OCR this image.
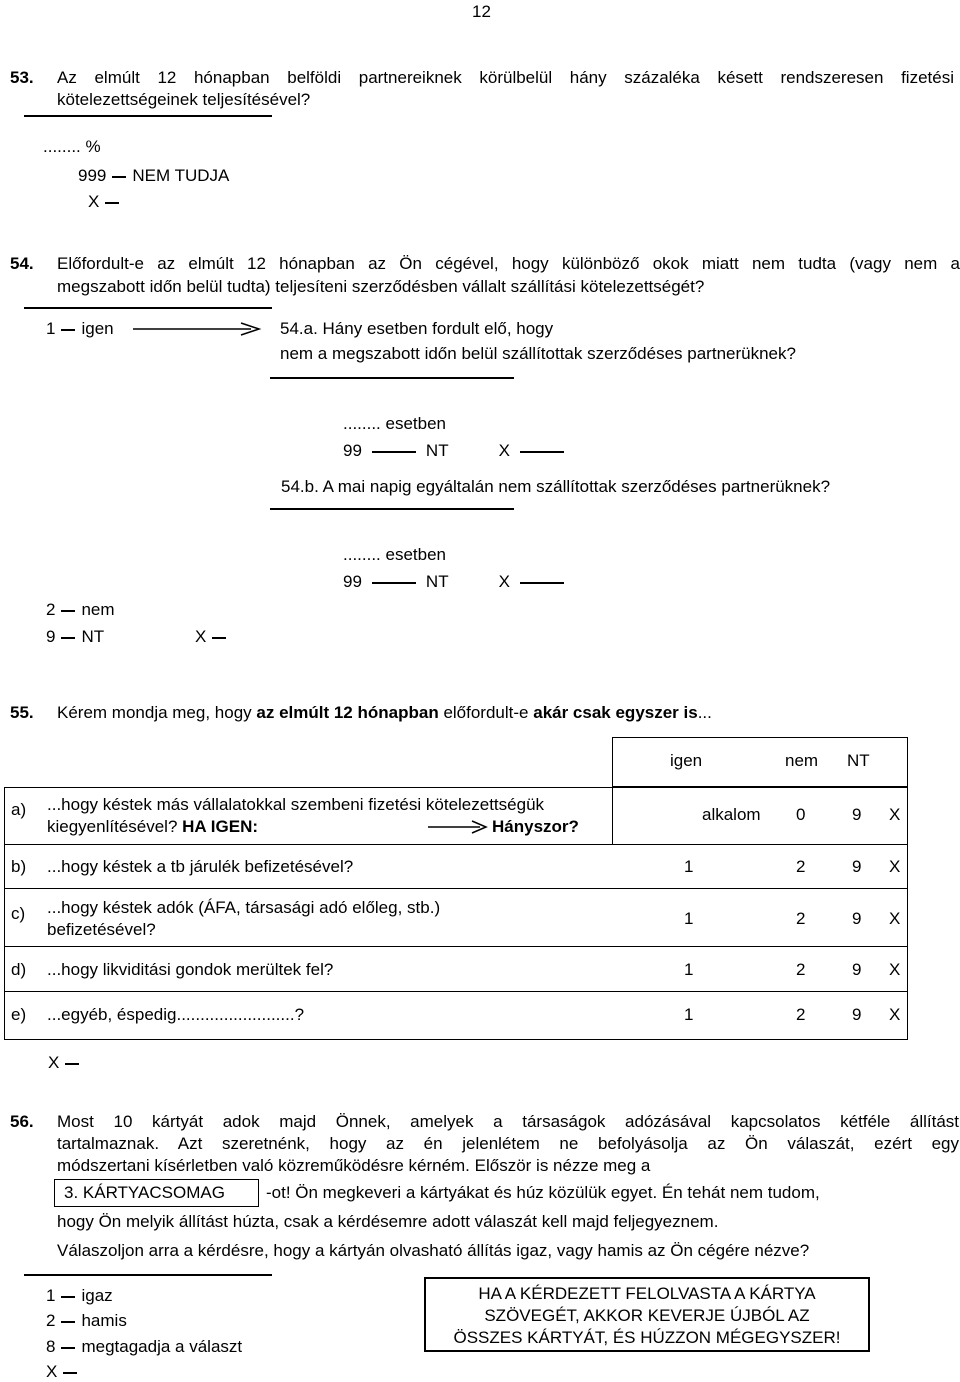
12
53. Az elmúlt 12 hónapban belföldi partnereiknek körülbelül hány százaléka késett rendszeresen fizetési
kötelezettségeinek teljesítésével?
........ %
999 NEM TUDJA
X
54. Előfordult-e az elmúlt 12 hónapban az Ön cégével, hogy különböző okok miatt nem tudta (vagy nem a
megszabott időn belül tudta) teljesíteni szerződésben vállalt szállítási kötelezettségét?
1 igen	54.a. Hány esetben fordult elő, hogy
nem a megszabott időn belül szállítottak szerződéses partnerüknek?
........ esetben
99	NT	X
54.b. A mai napig egyáltalán nem szállítottak szerződéses partnerüknek?
........ esetben
99	NT	X
2 nem
9 NT	X
55. Kérem mondja meg, hogy az elmúlt 12 hónapban előfordult-e akár csak egyszer is...
igen	nem NT
a) ...hogy késtek más vállalatokkal szembeni fizetési kötelezettségük
kiegyenlítésével? HA IGEN:	Hányszor?
alkalom 0	9 X
b) ...hogy késtek a tb járulék befizetésével?	1	2	9 X
c) ...hogy késtek adók (ÁFA, társasági adó előleg, stb.)
befizetésével?
1	2	9 X
d) ...hogy likviditási gondok merültek fel?	1	2	9 X
e) ...egyéb, éspedig.........................?	1	2	9 X
X
56. Most 10 kártyát adok majd Önnek, amelyek a társaságok adózásával kapcsolatos kétféle állítást
tartalmaznak. Azt szeretnénk, hogy az én jelenlétem ne befolyásolja az Ön válaszát, ezért egy
módszertani kísérletben való közreműködésre kérném. Először is nézze meg a
3. KÁRTYACSOMAG -ot! Ön megkeveri a kártyákat és húz közülük egyet. Én tehát nem tudom,
hogy Ön melyik állítást húzta, csak a kérdésemre adott válaszát kell majd feljegyeznem.
Válaszoljon arra a kérdésre, hogy a kártyán olvasható állítás igaz, vagy hamis az Ön cégére nézve?
1 igaz
2 hamis
8 megtagadja a választ
X
HA A KÉRDEZETT FELOLVASTA A KÁRTYA
SZÖVEGÉT, AKKOR KEVERJE ÚJBÓL AZ
ÖSSZES KÁRTYÁT, ÉS HÚZZON MÉGEGYSZER!
